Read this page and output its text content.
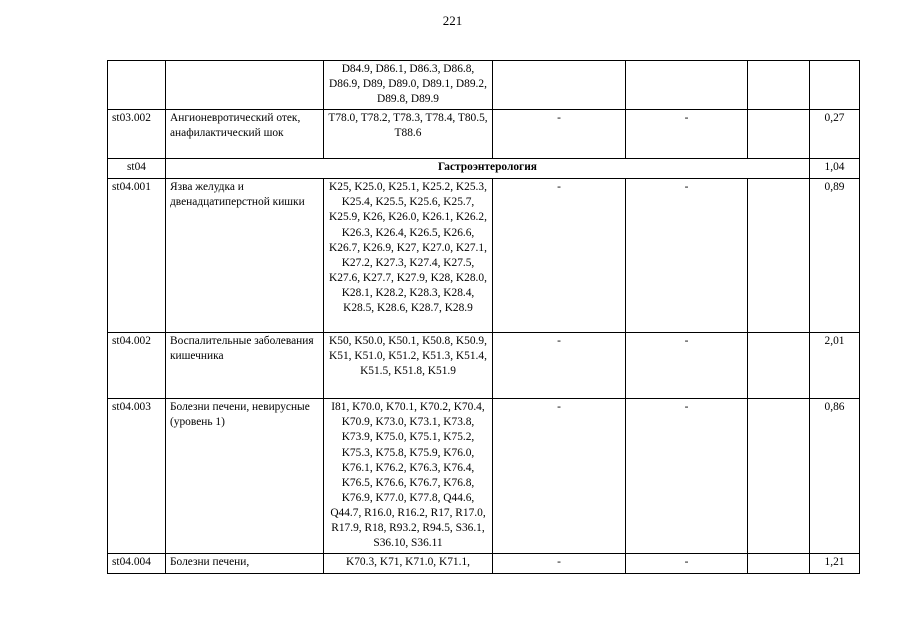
221
		D84.9, D86.1, D86.3, D86.8, D86.9, D89, D89.0, D89.1, D89.2, D89.8, D89.9				
st03.002	Ангионевротический отек, анафилактический шок	T78.0, T78.2, T78.3, T78.4, T80.5, T88.6	-	-		0,27
st04	Гастроэнтерология					1,04
st04.001	Язва желудка и двенадцатиперстной кишки	K25, K25.0, K25.1, K25.2, K25.3, K25.4, K25.5, K25.6, K25.7, K25.9, K26, K26.0, K26.1, K26.2, K26.3, K26.4, K26.5, K26.6, K26.7, K26.9, K27, K27.0, K27.1, K27.2, K27.3, K27.4, K27.5, K27.6, K27.7, K27.9, K28, K28.0, K28.1, K28.2, K28.3, K28.4, K28.5, K28.6, K28.7, K28.9	-	-		0,89
st04.002	Воспалительные заболевания кишечника	K50, K50.0, K50.1, K50.8, K50.9, K51, K51.0, K51.2, K51.3, K51.4, K51.5, K51.8, K51.9	-	-		2,01
st04.003	Болезни печени, невирусные (уровень 1)	I81, K70.0, K70.1, K70.2, K70.4, K70.9, K73.0, K73.1, K73.8, K73.9, K75.0, K75.1, K75.2, K75.3, K75.8, K75.9, K76.0, K76.1, K76.2, K76.3, K76.4, K76.5, K76.6, K76.7, K76.8, K76.9, K77.0, K77.8, Q44.6, Q44.7, R16.0, R16.2, R17, R17.0, R17.9, R18, R93.2, R94.5, S36.1, S36.10, S36.11	-	-		0,86
st04.004	Болезни печени,	K70.3, K71, K71.0, K71.1,	-	-		1,21
